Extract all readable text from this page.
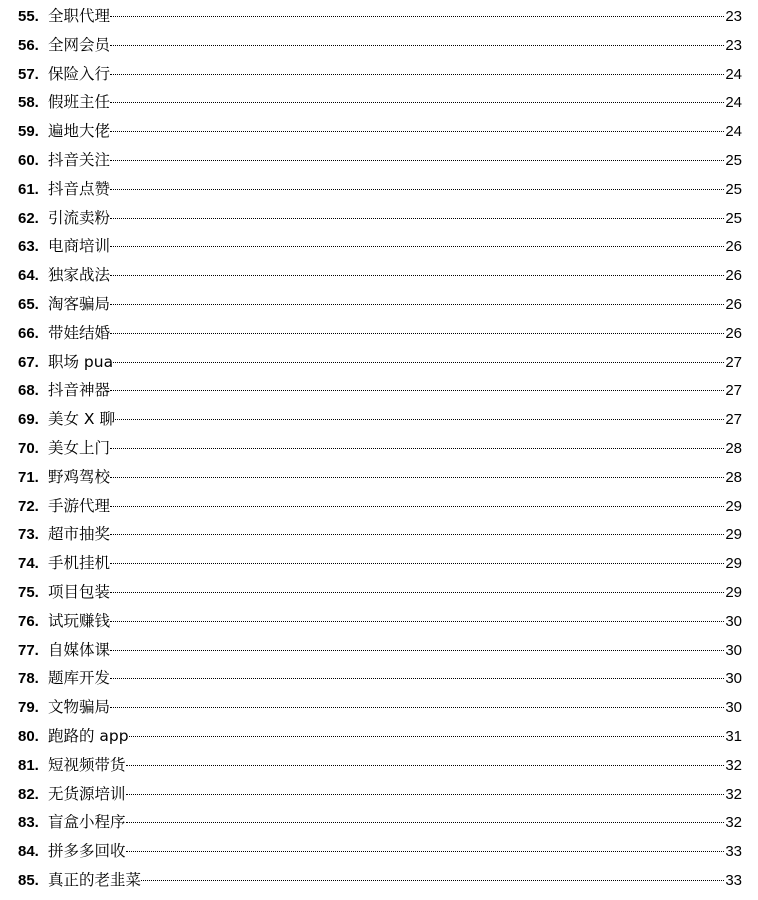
55. 全职代理	23
56. 全网会员	23
57. 保险入行	24
58. 假班主任	24
59. 遍地大佬	24
60. 抖音关注	25
61. 抖音点赞	25
62. 引流卖粉	25
63. 电商培训	26
64. 独家战法	26
65. 淘客骗局	26
66. 带娃结婚	26
67. 职场 pua	27
68. 抖音神器	27
69. 美女 X 聊	27
70. 美女上门	28
71. 野鸡驾校	28
72. 手游代理	29
73. 超市抽奖	29
74. 手机挂机	29
75. 项目包装	29
76. 试玩赚钱	30
77. 自媒体课	30
78. 题库开发	30
79. 文物骗局	30
80. 跑路的 app	31
81. 短视频带货	32
82. 无货源培训	32
83. 盲盒小程序	32
84. 拼多多回收	33
85. 真正的老韭菜	33
